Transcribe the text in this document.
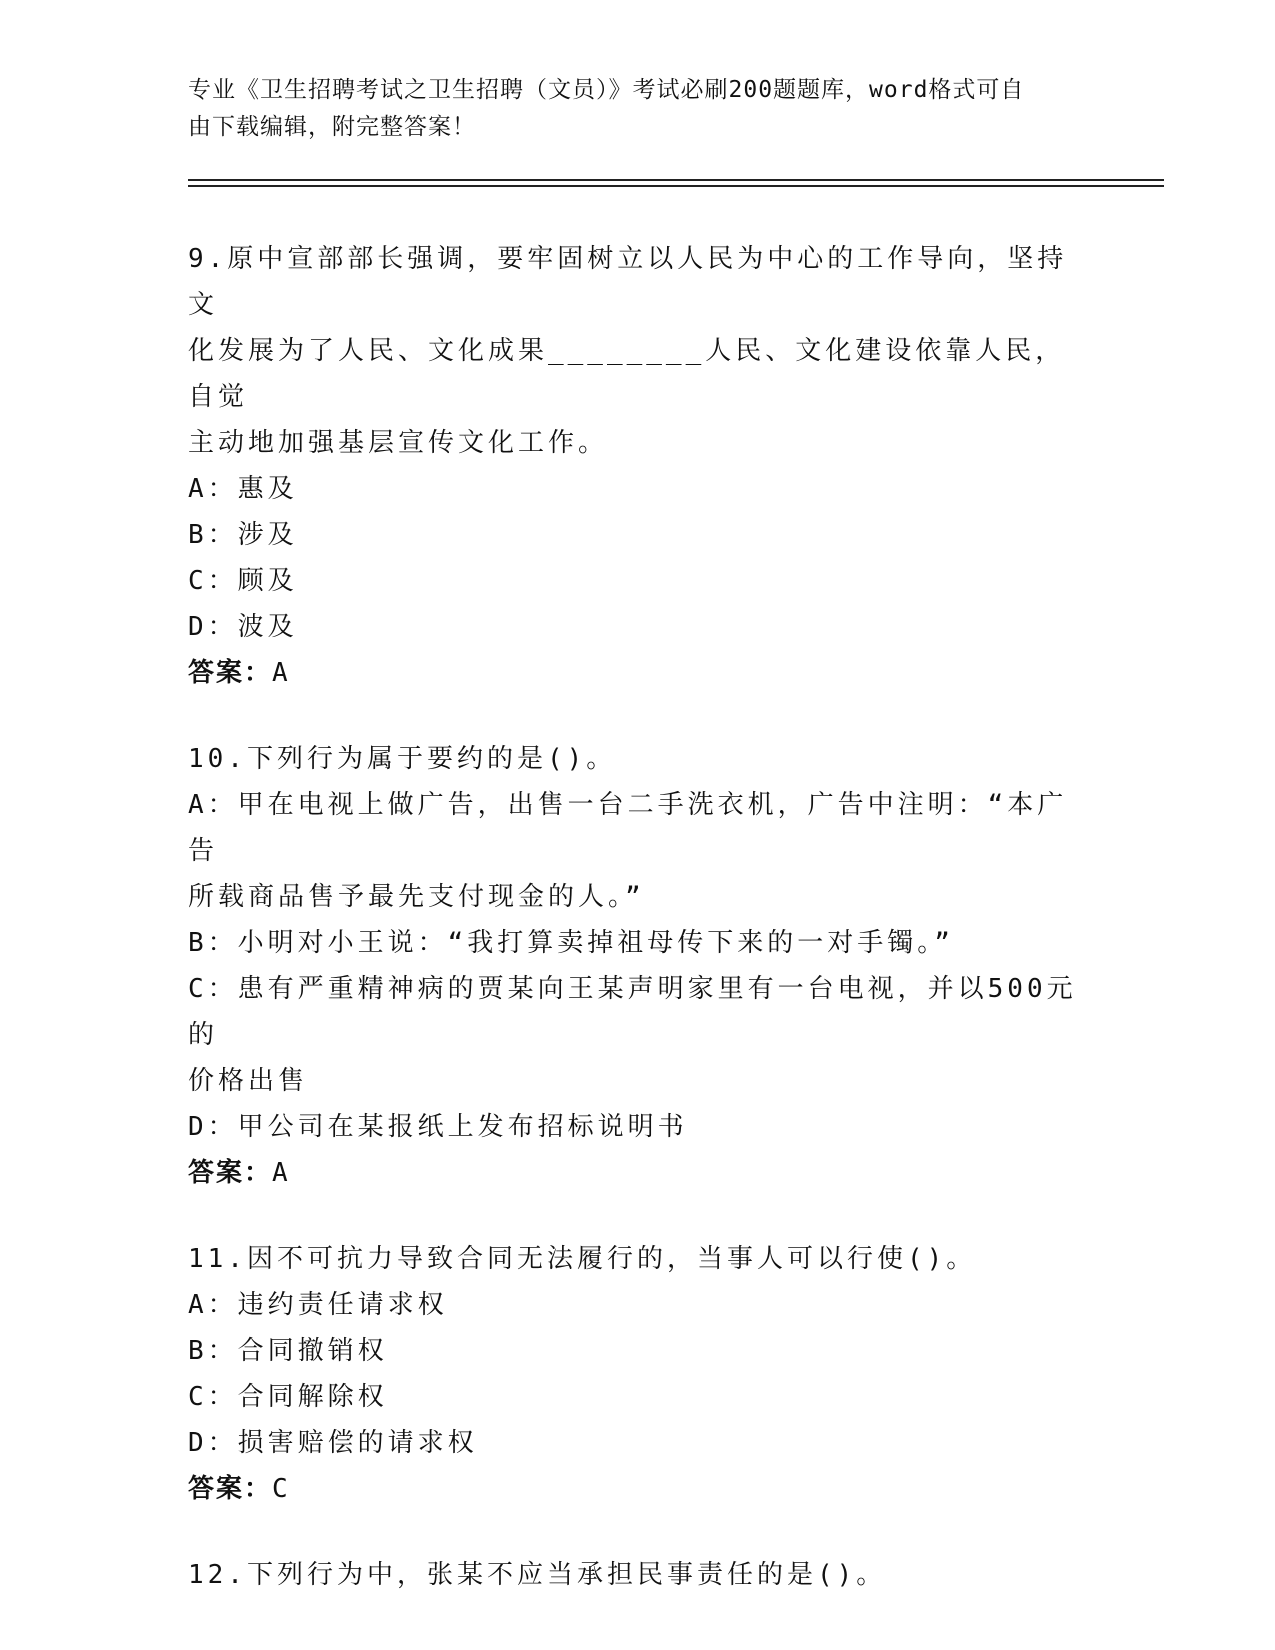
专业《卫生招聘考试之卫生招聘（文员）》考试必刷200题题库，word格式可自
由下载编辑，附完整答案！
9.原中宣部部长强调，要牢固树立以人民为中心的工作导向，坚持文
化发展为了人民、文化成果________人民、文化建设依靠人民，自觉
主动地加强基层宣传文化工作。
A：惠及
B：涉及
C：顾及
D：波及
答案：A
10.下列行为属于要约的是()。
A：甲在电视上做广告，出售一台二手洗衣机，广告中注明：“本广告
所载商品售予最先支付现金的人。”
B：小明对小王说：“我打算卖掉祖母传下来的一对手镯。”
C：患有严重精神病的贾某向王某声明家里有一台电视，并以500元的
价格出售
D：甲公司在某报纸上发布招标说明书
答案：A
11.因不可抗力导致合同无法履行的，当事人可以行使()。
A：违约责任请求权
B：合同撤销权
C：合同解除权
D：损害赔偿的请求权
答案：C
12.下列行为中，张某不应当承担民事责任的是()。
